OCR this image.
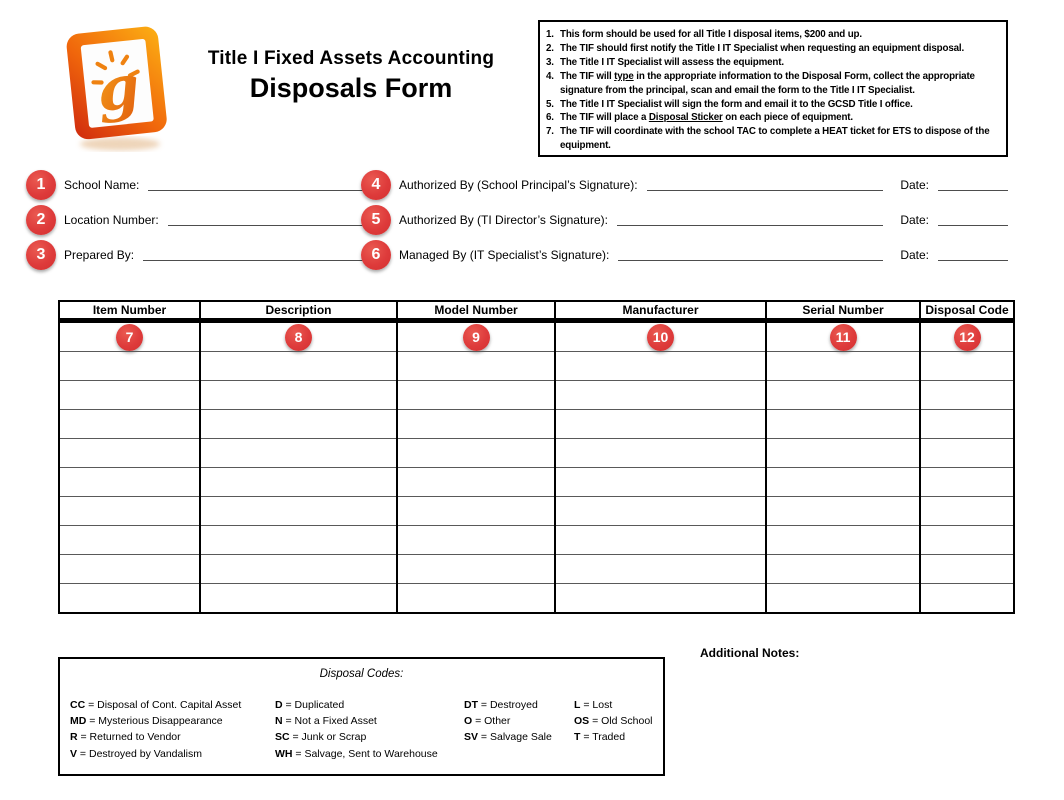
g	Title I Fixed Assets Accounting
Disposals Form
1. This form should be used for all Title I disposal items, $200 and up.
2. The TIF should first notify the Title I IT Specialist when requesting an equipment disposal.
3. The Title I IT Specialist will assess the equipment.
4. The TIF will type in the appropriate information to the Disposal Form, collect the appropriate signature from the principal, scan and email the form to the Title I IT Specialist.
5. The Title I IT Specialist will sign the form and email it to the GCSD Title I office.
6. The TIF will place a Disposal Sticker on each piece of equipment.
7. The TIF will coordinate with the school TAC to complete a HEAT ticket for ETS to dispose of the equipment.
1	School Name:
2	Location Number:
3	Prepared By:
4	Authorized By (School Principal’s Signature):	Date:
5	Authorized By (TI Director’s Signature):	Date:
6	Managed By (IT Specialist’s Signature):	Date:
Item Number	Description	Model Number	Manufacturer	Serial Number	Disposal Code

7	8	9	10	11	12

Disposal Codes:
CC = Disposal of Cont. Capital Asset
MD = Mysterious Disappearance
R = Returned to Vendor
V = Destroyed by Vandalism
D = Duplicated
N = Not a Fixed Asset
SC = Junk or Scrap
WH = Salvage, Sent to Warehouse
DT = Destroyed
O = Other
SV = Salvage Sale
L = Lost
OS = Old School
T = Traded
Additional Notes:
